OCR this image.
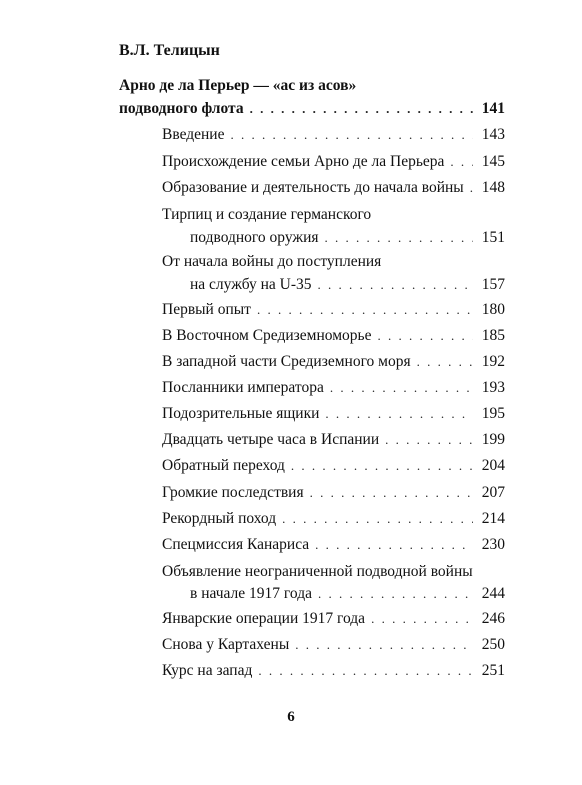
В.Л. Телицын
Арно де ла Перьер — «ас из асов»
подводного флота . . .	141
Введение . . .	143
Происхождение семьи Арно де ла Перьера . . .	145
Образование и деятельность до начала войны . . .	148
Тирпиц и создание германского
подводного оружия . . .	151
От начала войны до поступления
на службу на U-35 . . .	157
Первый опыт . . .	180
В Восточном Средиземноморье . . .	185
В западной части Средиземного моря . . .	192
Посланники императора . . .	193
Подозрительные ящики . . .	195
Двадцать четыре часа в Испании . . .	199
Обратный переход . . .	204
Громкие последствия . . .	207
Рекордный поход . . .	214
Спецмиссия Канариса . . .	230
Объявление неограниченной подводной войны
в начале 1917 года . . .	244
Январские операции 1917 года . . .	246
Снова у Картахены . . .	250
Курс на запад . . .	251
6
